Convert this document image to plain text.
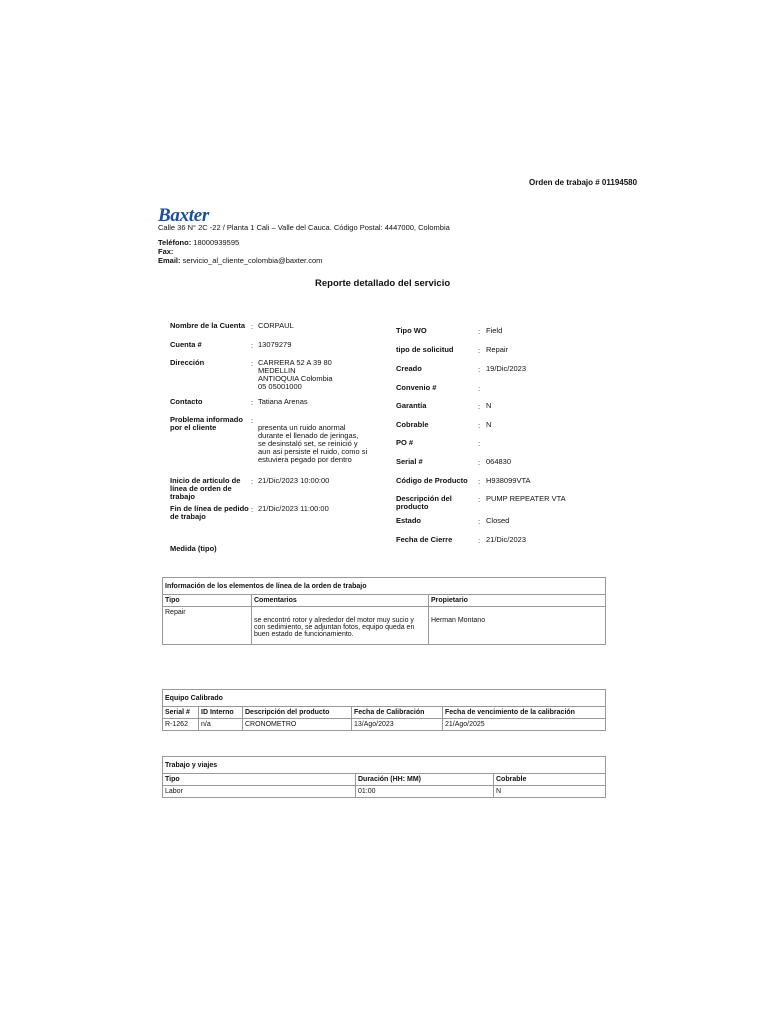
Orden de trabajo # 01194580
Baxter
Calle 36 N° 2C -22 / Planta 1 Cali – Valle del Cauca. Código Postal: 4447000, Colombia
Teléfono: 18000939595
Fax:
Email: servicio_al_cliente_colombia@baxter.com
Reporte detallado del servicio
Nombre de la Cuenta : CORPAUL
Cuenta #	: 13079279
Dirección	: CARRERA 52 A 39 80
MEDELLIN
ANTIOQUIA Colombia
05 05001000
Contacto	: Tatiana Arenas
Problema informado
por el cliente
:

presenta un ruido anormal
durante el llenado de jeringas,
se desinstaló set, se reinició y
aun asi persiste el ruido, como si
estuviera pegado por dentro
Inicio de artículo de
línea de orden de
trabajo
: 21/Dic/2023 10:00:00
Fin de línea de pedido
de trabajo
: 21/Dic/2023 11:00:00
Medida (tipo)
Tipo WO	: Field
tipo de solicitud	: Repair
Creado	: 19/Dic/2023
Convenio #	:
Garantía	: N
Cobrable	: N
PO #	:
Serial #	: 064830
Código de Producto : H938099VTA
Descripción del
producto
: PUMP REPEATER VTA
Estado	: Closed
Fecha de Cierre	: 21/Dic/2023
Información de los elementos de línea de la orden de trabajo		
Tipo	Comentarios	Propietario
Repair	se encontró rotor y alrededor del motor muy sucio y con sedimiento, se adjuntan fotos, equipo queda en buen estado de funcionamiento.	Herman Montano
Equipo Calibrado				
Serial #	ID Interno	Descripción del producto	Fecha de Calibración	Fecha de vencimiento de la calibración
R-1262	n/a	CRONOMETRO	13/Ago/2023	21/Ago/2025
Trabajo y viajes		
Tipo	Duración (HH: MM)	Cobrable
Labor	01:00	N
